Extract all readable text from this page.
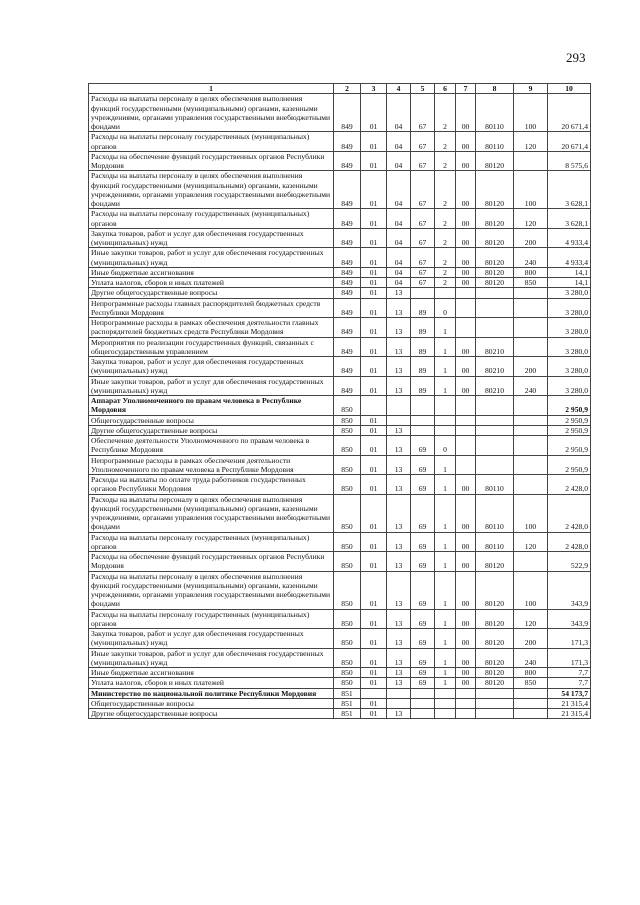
293
1	2	3	4	5	6	7	8	9	10
Расходы на выплаты персоналу в целях обеспечения выполнения функций государственными (муниципальными) органами, казенными учреждениями, органами управления государственными внебюджетными фондами	849	01	04	67	2	00	80110	100	20 671,4
Расходы на выплаты персоналу государственных (муниципальных) органов	849	01	04	67	2	00	80110	120	20 671,4
Расходы на обеспечение функций государственных органов Республики Мордовия	849	01	04	67	2	00	80120		8 575,6
Расходы на выплаты персоналу в целях обеспечения выполнения функций государственными (муниципальными) органами, казенными учреждениями, органами управления государственными внебюджетными фондами	849	01	04	67	2	00	80120	100	3 628,1
Расходы на выплаты персоналу государственных (муниципальных) органов	849	01	04	67	2	00	80120	120	3 628,1
Закупка товаров, работ и услуг для обеспечения государственных (муниципальных) нужд	849	01	04	67	2	00	80120	200	4 933,4
Иные закупки товаров, работ и услуг для обеспечения государственных (муниципальных) нужд	849	01	04	67	2	00	80120	240	4 933,4
Иные бюджетные ассигнования	849	01	04	67	2	00	80120	800	14,1
Уплата налогов, сборов и иных платежей	849	01	04	67	2	00	80120	850	14,1
Другие общегосударственные вопросы	849	01	13						3 280,0
Непрограммные расходы главных распорядителей бюджетных средств Республики Мордовия	849	01	13	89	0				3 280,0
Непрограммные расходы в рамках обеспечения деятельности главных распорядителей бюджетных средств Республики Мордовия	849	01	13	89	1				3 280,0
Мероприятия по реализации государственных функций, связанных с общегосударственным управлением	849	01	13	89	1	00	80210		3 280,0
Закупка товаров, работ и услуг для обеспечения государственных (муниципальных) нужд	849	01	13	89	1	00	80210	200	3 280,0
Иные закупки товаров, работ и услуг для обеспечения государственных (муниципальных) нужд	849	01	13	89	1	00	80210	240	3 280,0
Аппарат Уполномоченного по правам человека в Республике Мордовия	850								2 950,9
Общегосударственные вопросы	850	01							2 950,9
Другие общегосударственные вопросы	850	01	13						2 950,9
Обеспечение деятельности Уполномоченного по правам человека в Республике Мордовия	850	01	13	69	0				2 950,9
Непрограммные расходы в рамках обеспечения деятельности Уполномоченного по правам человека в Республике Мордовия	850	01	13	69	1				2 950,9
Расходы на выплаты по оплате труда работников государственных органов Республики Мордовия	850	01	13	69	1	00	80110		2 428,0
Расходы на выплаты персоналу в целях обеспечения выполнения функций государственными (муниципальными) органами, казенными учреждениями, органами управления государственными внебюджетными фондами	850	01	13	69	1	00	80110	100	2 428,0
Расходы на выплаты персоналу государственных (муниципальных) органов	850	01	13	69	1	00	80110	120	2 428,0
Расходы на обеспечение функций государственных органов Республики Мордовия	850	01	13	69	1	00	80120		522,9
Расходы на выплаты персоналу в целях обеспечения выполнения функций государственными (муниципальными) органами, казенными учреждениями, органами управления государственными внебюджетными фондами	850	01	13	69	1	00	80120	100	343,9
Расходы на выплаты персоналу государственных (муниципальных) органов	850	01	13	69	1	00	80120	120	343,9
Закупка товаров, работ и услуг для обеспечения государственных (муниципальных) нужд	850	01	13	69	1	00	80120	200	171,3
Иные закупки товаров, работ и услуг для обеспечения государственных (муниципальных) нужд	850	01	13	69	1	00	80120	240	171,3
Иные бюджетные ассигнования	850	01	13	69	1	00	80120	800	7,7
Уплата налогов, сборов и иных платежей	850	01	13	69	1	00	80120	850	7,7
Министерство по национальной политике Республики Мордовия	851								54 173,7
Общегосударственные вопросы	851	01							21 315,4
Другие общегосударственные вопросы	851	01	13						21 315,4
